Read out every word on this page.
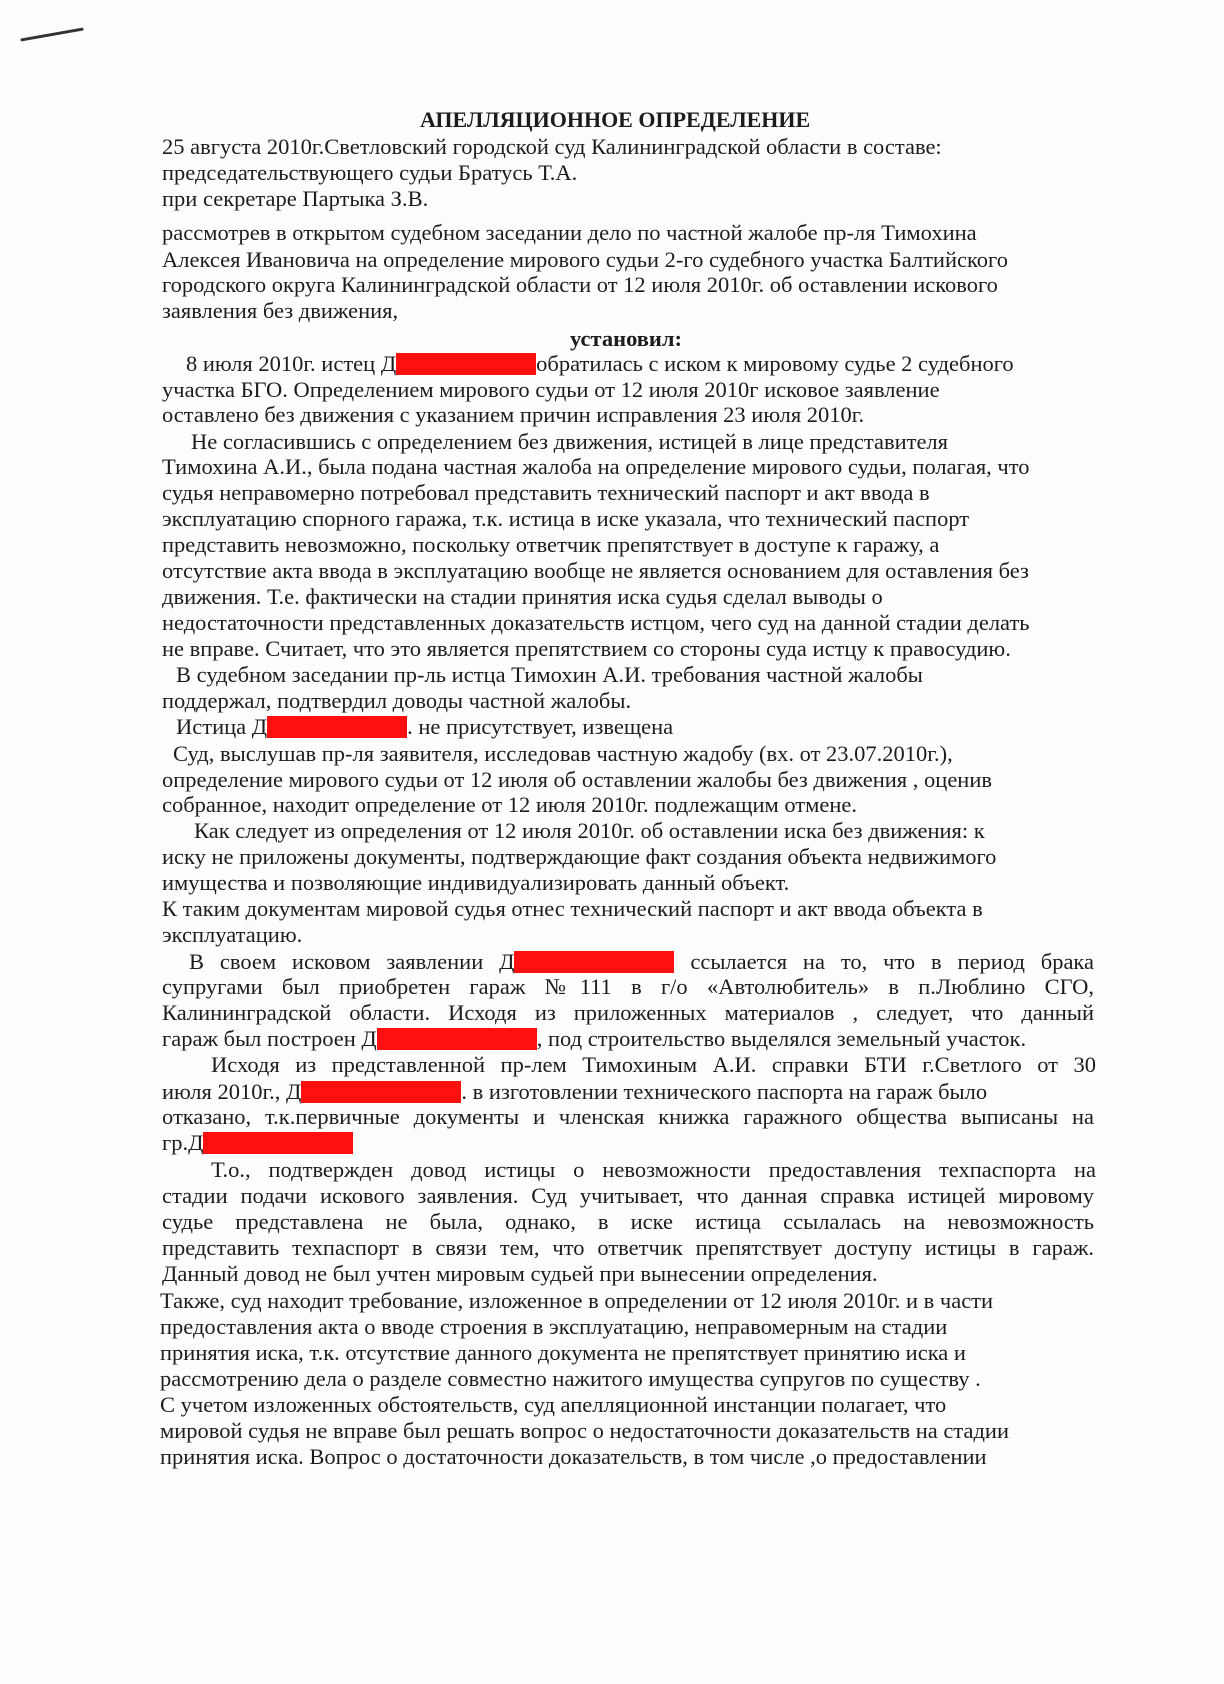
АПЕЛЛЯЦИОННОЕ ОПРЕДЕЛЕНИЕ
25 августа 2010г.Светловский городской суд Калининградской области в составе:
председательствующего судьи Братусь Т.А.
при секретаре Партыка З.В.
рассмотрев в открытом судебном заседании дело по частной жалобе пр-ля Тимохина
Алексея Ивановича на определение мирового судьи 2-го судебного участка Балтийского
городского округа Калининградской области от 12 июля 2010г. об оставлении искового
заявления без движения,
установил:
8 июля 2010г. истец Д	обратилась с иском к мировому судье 2 судебного
участка БГО. Определением мирового судьи от 12 июля 2010г исковое заявление
оставлено без движения с указанием причин исправления 23 июля 2010г.
Не согласившись с определением без движения, истицей в лице представителя
Тимохина А.И., была подана частная жалоба на определение мирового судьи, полагая, что
судья неправомерно потребовал представить технический паспорт и акт ввода в
эксплуатацию спорного гаража, т.к. истица в иске указала, что технический паспорт
представить невозможно, поскольку ответчик препятствует в доступе к гаражу, а
отсутствие акта ввода в эксплуатацию вообще не является основанием для оставления без
движения. Т.е. фактически на стадии принятия иска судья сделал выводы о
недостаточности представленных доказательств истцом, чего суд на данной стадии делать
не вправе. Считает, что это является препятствием со стороны суда истцу к правосудию.
В судебном заседании пр-ль истца Тимохин А.И. требования частной жалобы
поддержал, подтвердил доводы частной жалобы.
Истица Д	. не присутствует, извещена
Суд, выслушав пр-ля заявителя, исследовав частную жадобу (вх. от 23.07.2010г.),
определение мирового судьи от 12 июля об оставлении жалобы без движения , оценив
собранное, находит определение от 12 июля 2010г. подлежащим отмене.
Как следует из определения от 12 июля 2010г. об оставлении иска без движения: к
иску не приложены документы, подтверждающие факт создания объекта недвижимого
имущества и позволяющие индивидуализировать данный объект.
К таким документам мировой судья отнес технический паспорт и акт ввода объекта в
эксплуатацию.
В своем исковом заявлении Д	ссылается на то, что в период брака
супругами был приобретен гараж №111 в г/о «Автолюбитель» в п.Люблино СГО,
Калининградской области. Исходя из приложенных материалов , следует, что данный
гараж был построен Д	, под строительство выделялся земельный участок.
Исходя из представленной пр-лем Тимохиным А.И. справки БТИ г.Светлого от 30
июля 2010г., Д	. в изготовлении технического паспорта на гараж было
отказано, т.к.первичные документы и членская книжка гаражного общества выписаны на
гр.Д
Т.о., подтвержден довод истицы о невозможности предоставления техпаспорта на
стадии подачи искового заявления. Суд учитывает, что данная справка истицей мировому
судье представлена не была, однако, в иске истица ссылалась на невозможность
представить техпаспорт в связи тем, что ответчик препятствует доступу истицы в гараж.
Данный довод не был учтен мировым судьей при вынесении определения.
Также, суд находит требование, изложенное в определении от 12 июля 2010г. и в части
предоставления акта о вводе строения в эксплуатацию, неправомерным на стадии
принятия иска, т.к. отсутствие данного документа не препятствует принятию иска и
рассмотрению дела о разделе совместно нажитого имущества супругов по существу .
С учетом изложенных обстоятельств, суд апелляционной инстанции полагает, что
мировой судья не вправе был решать вопрос о недостаточности доказательств на стадии
принятия иска. Вопрос о достаточности доказательств, в том числе ,о предоставлении
